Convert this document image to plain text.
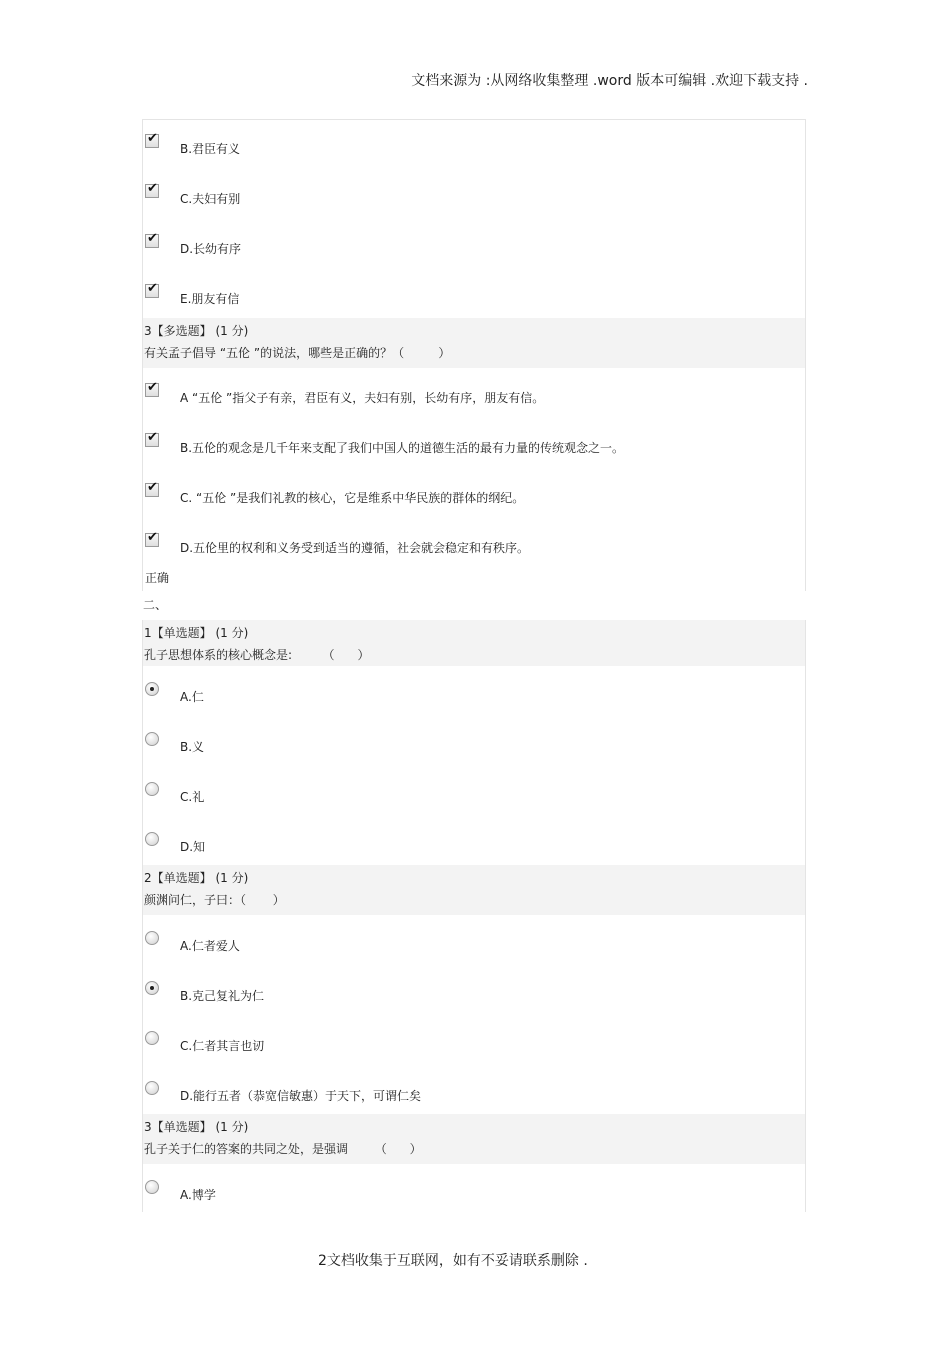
文档来源为 :从网络收集整理 .word 版本可编辑 .欢迎下载支持 .
✔
B.君臣有义
✔
C.夫妇有别
✔
D.长幼有序
✔
E.朋友有信
3【多选题】 (1 分)
有关孟子倡导 “五伦 ”的说法，哪些是正确的？（         ）
✔
A “五伦 ”指父子有亲，君臣有义，夫妇有别，长幼有序，朋友有信。
✔
B.五伦的观念是几千年来支配了我们中国人的道德生活的最有力量的传统观念之一。
✔
C. “五伦 ”是我们礼教的核心，它是维系中华民族的群体的纲纪。
✔
D.五伦里的权利和义务受到适当的遵循，社会就会稳定和有秩序。
正确
二、
1【单选题】 (1 分)
孔子思想体系的核心概念是:        （      ）
A.仁
B.义
C.礼
D.知
2【单选题】 (1 分)
颜渊问仁，子曰：（       ）
A.仁者爱人
B.克己复礼为仁
C.仁者其言也讱
D.能行五者（恭宽信敏惠）于天下，可谓仁矣
3【单选题】 (1 分)
孔子关于仁的答案的共同之处，是强调       （      ）
A.博学
2文档收集于互联网，如有不妥请联系删除 .
